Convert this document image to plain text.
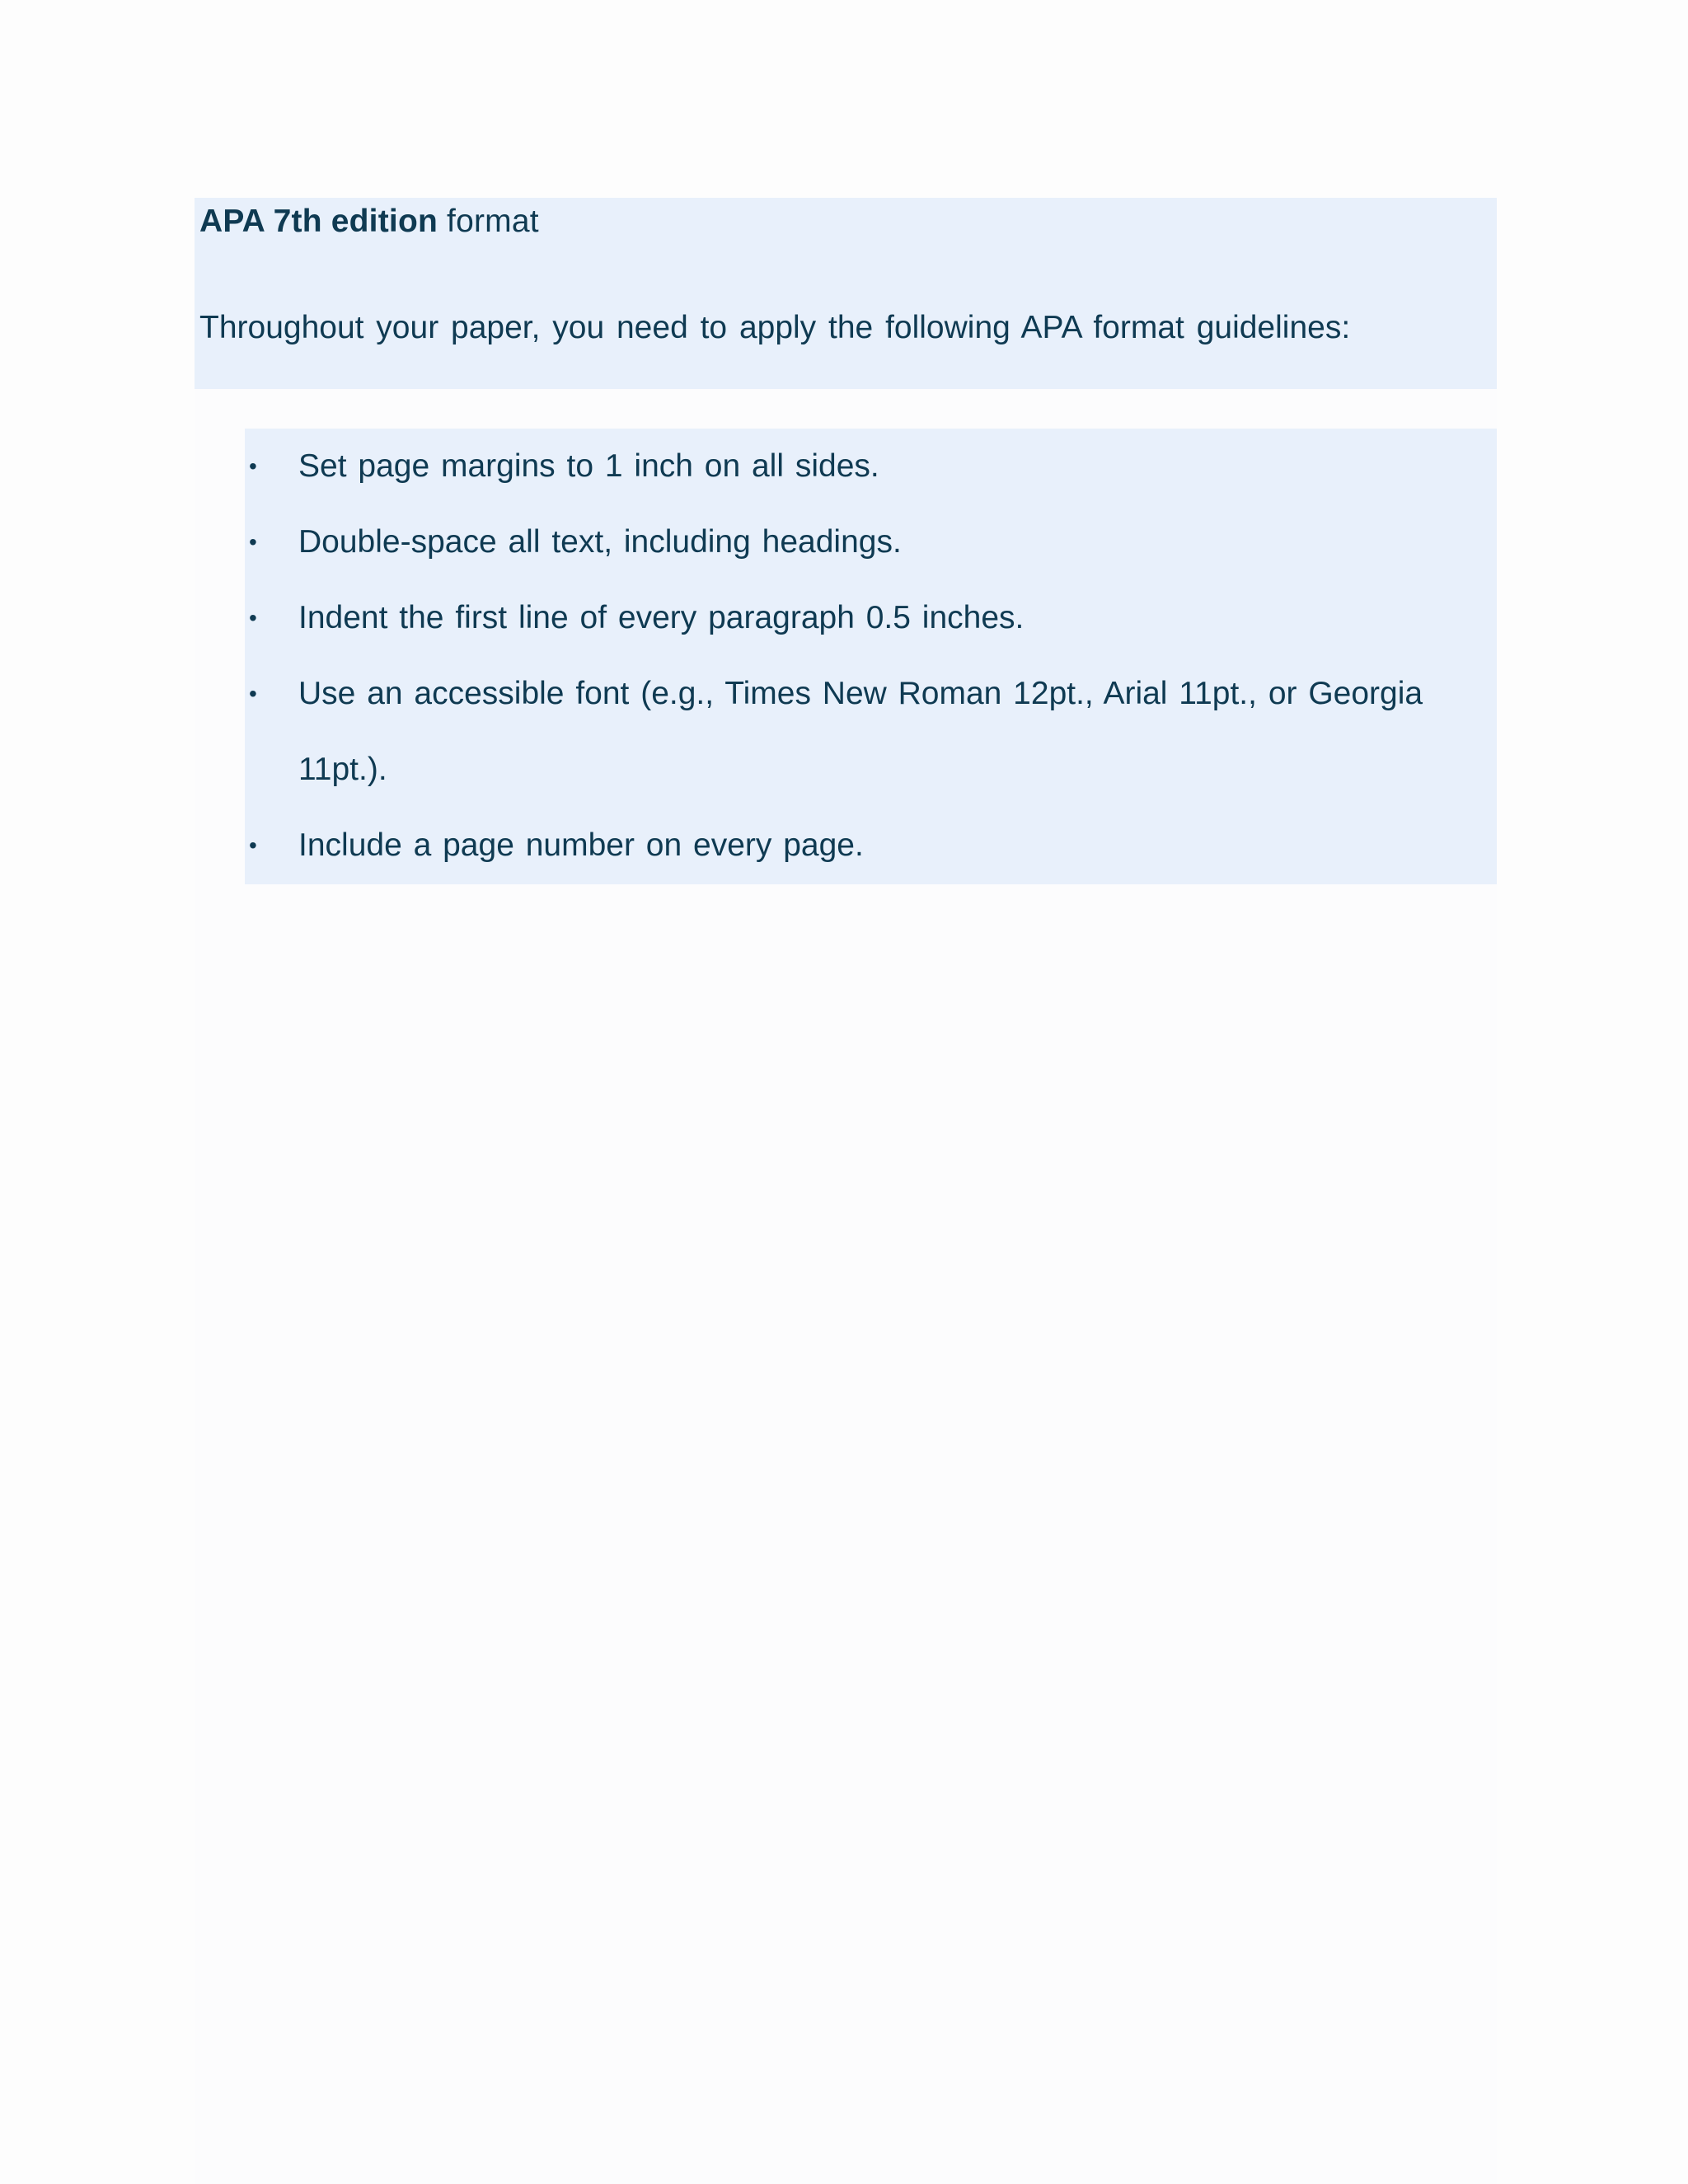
APA 7th edition format
Throughout your paper, you need to apply the following APA format guidelines:
•	Set page margins to 1 inch on all sides.
•	Double-space all text, including headings.
•	Indent the first line of every paragraph 0.5 inches.
•	Use an accessible font (e.g., Times New Roman 12pt., Arial 11pt., or Georgia 11pt.).
•	Include a page number on every page.
